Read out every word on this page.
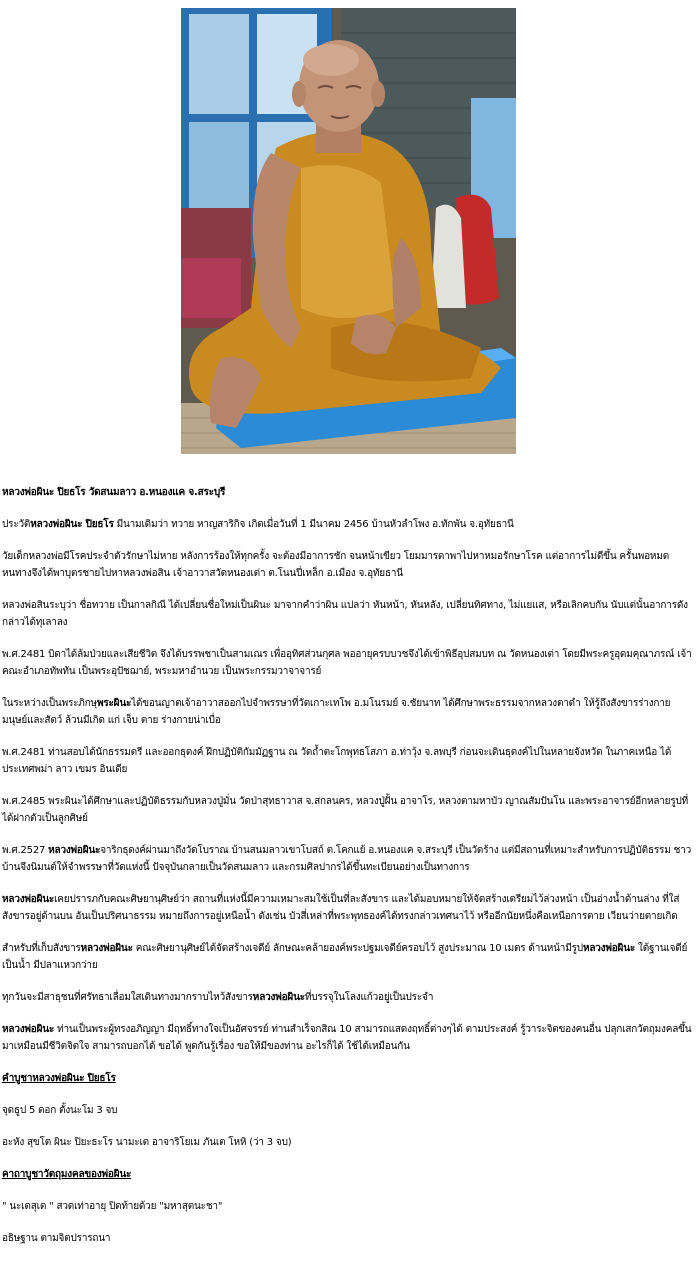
หลวงพ่อผินะ ปิยธโร วัดสนมลาว อ.หนองแค จ.สระบุรี

ประวัติหลวงพ่อผินะ ปิยธโร มีนามเดิมว่า ทวาย หาญสาริกิจ เกิดเมื่อวันที่ 1 มีนาคม 2456 บ้านหัวลำโพง อ.ทักพัน จ.อุทัยธานี

วัยเด็กหลวงพ่อมีโรคประจำตัวรักษาไม่หาย หลังการร้องให้ทุกครั้ง จะต้องมีอาการชัก จนหน้าเขียว โยมมารดาพาไปหาหมอรักษาโรค แต่อาการไม่ดีขึ้น ครั้นพอหมดหนทางจึงได้พาบุตรชายไปหาหลวงพ่อสิน เจ้าอาวาสวัดหนองเต่า ต.โนนปี่เหล็ก อ.เมือง จ.อุทัยธานี

หลวงพ่อสินระบุว่า ชื่อทวาย เป็นกาลกิณี ได้เปลี่ยนชื่อใหม่เป็นผินะ มาจากคำว่าผิน แปลว่า หันหน้า, หันหลัง, เปลี่ยนทิศทาง, ไม่แยแส, หรือเลิกคบกัน นับแต่นั้นอาการดังกล่าวได้ทุเลาลง

พ.ศ.2481 บิดาได้ล้มป่วยและเสียชีวิต จึงได้บรรพชาเป็นสามเณร เพื่ออุทิศส่วนกุศล พออายุครบบวชจึงได้เข้าพิธีอุปสมบท ณ วัดหนองเต่า โดยมีพระครูอุดมคุณาภรณ์ เจ้าคณะอำเภอทัพทัน เป็นพระอุปัชฌาย์, พระมหาอำนวย เป็นพระกรรมวาจาจารย์

ในระหว่างเป็นพระภิกษุพระผินะได้ขอนญาตเจ้าอาวาสออกไปจำพรรษาที่วัดเกาะเทโพ อ.มโนรมย์ จ.ชัยนาท ได้ศึกษาพระธรรมจากหลวงตาดำ ให้รู้ถึงสังขารร่างกายมนุษย์และสัตว์ ล้วนมีเกิด แก่ เจ็บ ตาย ร่างกายน่าเบื่อ

พ.ศ.2481 ท่านสอบได้นักธรรมตรี และออกธุดงค์ ฝึกปฏิบัติกัมมัฏฐาน ณ วัดถ้ำตะโกพุทธโสภา อ.ท่าวุ้ง จ.ลพบุรี ก่อนจะเดินธุดงค์ไปในหลายจังหวัด ในภาคเหนือ ได้ ประเทศพม่า ลาว เขมร อินเดีย

พ.ศ.2485 พระผินะได้ศึกษาและปฏิบัติธรรมกับหลวงปู่มั่น วัดป่าสุทธาวาส จ.สกลนคร, หลวงปู่ฝั้น อาจาโร, หลวงตามหาบัว ญาณสัมปันโน และพระอาจารย์อีกหลายรูปที่ได้ฝากตัวเป็นลูกศิษย์

พ.ศ.2527 หลวงพ่อผินะจาริกธุดงค์ผ่านมาถึงวัดโบราณ บ้านสนมลาวเขาโบสถ์ ต.โคกแย้ อ.หนองแค จ.สระบุรี เป็นวัดร้าง แต่มีสถานที่เหมาะสำหรับการปฏิบัติธรรม ชาวบ้านจึงนิมนต์ให้จำพรรษาที่วัดแห่งนี้ ปัจจุบันกลายเป็นวัดสนมลาว และกรมศิลปากรได้ขึ้นทะเบียนอย่างเป็นทางการ

หลวงพ่อผินะเคยปรารภกับคณะศิษยานุศิษย์ว่า สถานที่แห่งนี้มีความเหมาะสมใช้เป็นที่ละสังขาร และได้มอบหมายให้จัดสร้างเตรียมไว้ล่วงหน้า เป็นอ่างน้ำด้านล่าง ที่ใส่สังขารอยู่ด้านบน อันเป็นปริศนาธรรม หมายถึงการอยู่เหนือน้ำ ดังเช่น บัวสี่เหล่าที่พระพุทธองค์ได้ทรงกล่าวเทศนาไว้ หรืออีกนัยหนึ่งคือเหนือการตาย เวียนว่ายตายเกิด

สำหรับที่เก็บสังขารหลวงพ่อผินะ คณะศิษยานุศิษย์ได้จัดสร้างเจดีย์ ลักษณะคล้ายองค์พระปฐมเจดีย์ครอบไว้ สูงประมาณ 10 เมตร ด้านหน้ามีรูปหลวงพ่อผินะ ใต้ฐานเจดีย์เป็นน้ำ มีปลาแหวกว่าย

ทุกวันจะมีสาธุชนที่ศรัทธาเลื่อมใสเดินทางมากราบไหว้สังขารหลวงพ่อผินะที่บรรจุในโลงแก้วอยู่เป็นประจำ

หลวงพ่อผินะ ท่านเป็นพระผู้ทรงอภิญญา มีฤทธิ์ทางใจเป็นอัศจรรย์ ท่านสำเร็จกสิณ 10 สามารถแสดงฤทธิ์ต่างๆได้ ตามประสงค์ รู้วาระจิตของคนอื่น ปลุกเสกวัตถุมงคลขึ้นมาเหมือนมีชีวิตจิตใจ สามารถบอกได้ ขอได้ พูดกันรู้เรื่อง ขอให้มีของท่าน อะไรก็ได้ ใช้ได้เหมือนกัน

คำบูชาหลวงพ่อผินะ ปิยธโร

จุดธูป 5 ดอก ตั้งนะโม 3 จบ

อะหัง สุขโต ผินะ ปิยะธะโร นามะเต อาจาริโยเม ภันเต โหหิ (ว่า 3 จบ)

คาถาบูชาวัตถุมงคลของพ่อผินะ

" นะเตสุเต " สวดเท่าอายุ ปิดท้ายด้วย "มหาสุตนะชา"

อธิษฐาน ตามจิตปรารถนา
